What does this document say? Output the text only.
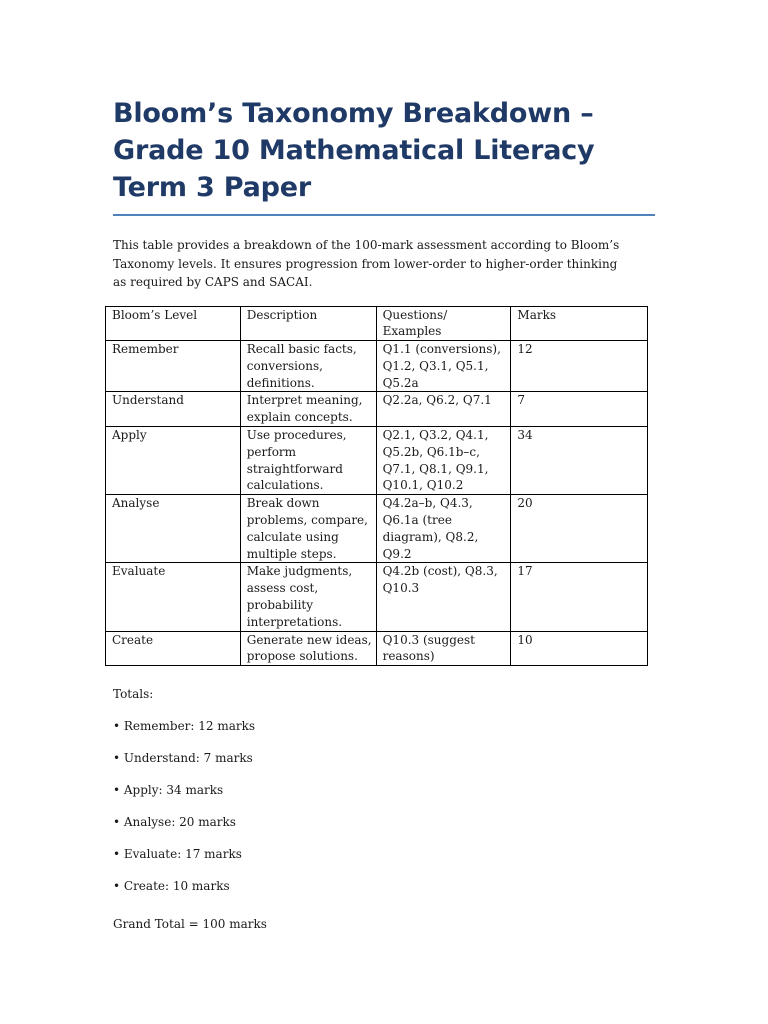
Bloom’s Taxonomy Breakdown – Grade 10 Mathematical Literacy Term 3 Paper

This table provides a breakdown of the 100-mark assessment according to Bloom’s Taxonomy levels. It ensures progression from lower-order to higher-order thinking as required by CAPS and SACAI.

Bloom’s Level	Description	Questions/ Examples	Marks
Remember	Recall basic facts, conversions, definitions.	Q1.1 (conversions), Q1.2, Q3.1, Q5.1, Q5.2a	12
Understand	Interpret meaning, explain concepts.	Q2.2a, Q6.2, Q7.1	7
Apply	Use procedures, perform straightforward calculations.	Q2.1, Q3.2, Q4.1, Q5.2b, Q6.1b–c, Q7.1, Q8.1, Q9.1, Q10.1, Q10.2	34
Analyse	Break down problems, compare, calculate using multiple steps.	Q4.2a–b, Q4.3, Q6.1a (tree diagram), Q8.2, Q9.2	20
Evaluate	Make judgments, assess cost, probability interpretations.	Q4.2b (cost), Q8.3, Q10.3	17
Create	Generate new ideas, propose solutions.	Q10.3 (suggest reasons)	10

Totals:

• Remember: 12 marks
• Understand: 7 marks
• Apply: 34 marks
• Analyse: 20 marks
• Evaluate: 17 marks
• Create: 10 marks

Grand Total = 100 marks
